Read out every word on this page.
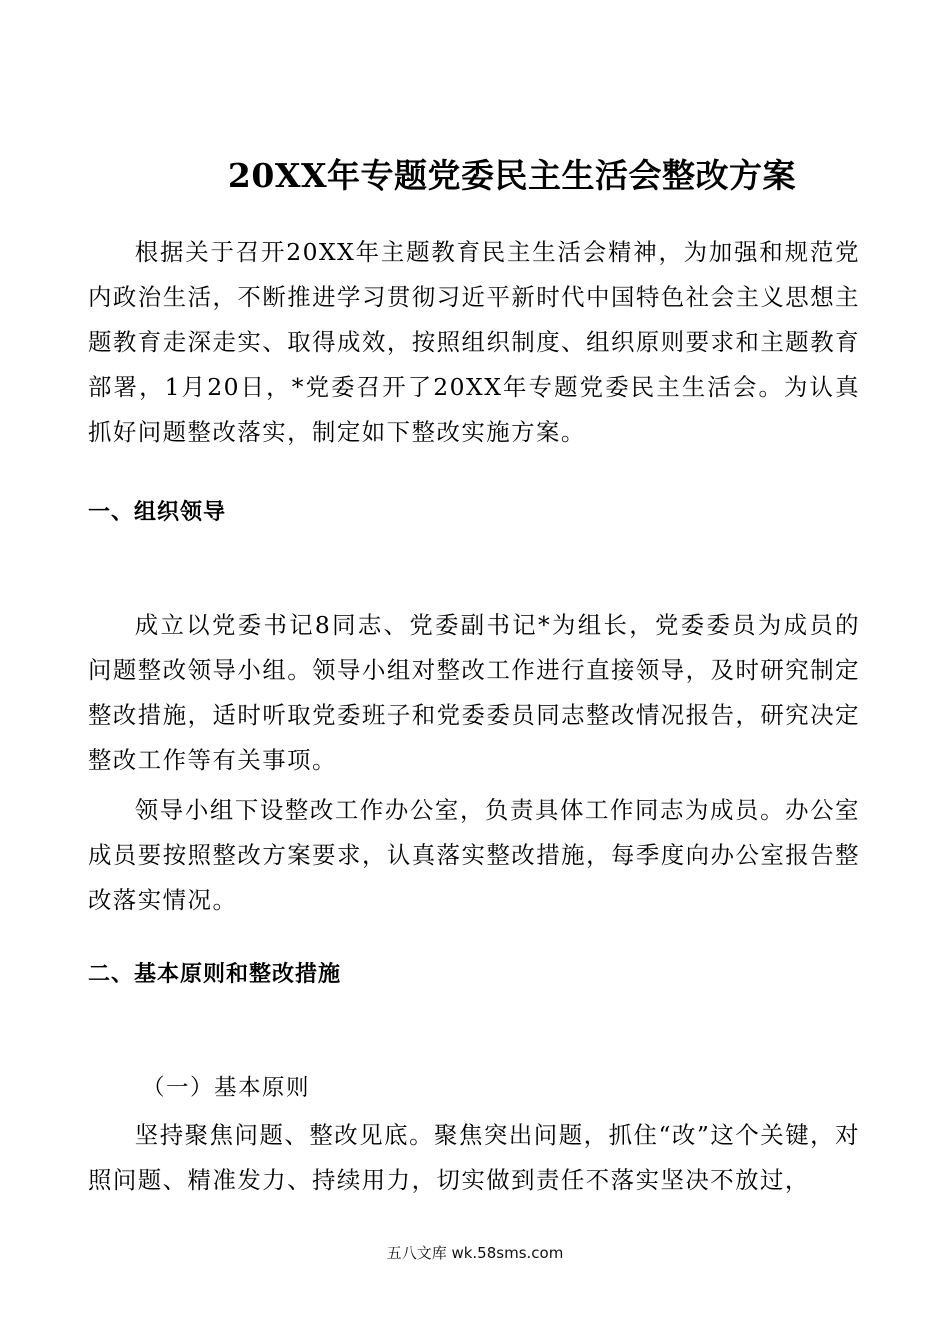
20XX年专题党委民主生活会整改方案

根据关于召开20XX年主题教育民主生活会精神，为加强和规范党内政治生活，不断推进学习贯彻习近平新时代中国特色社会主义思想主题教育走深走实、取得成效，按照组织制度、组织原则要求和主题教育部署，1月20日，*党委召开了20XX年专题党委民主生活会。为认真抓好问题整改落实，制定如下整改实施方案。

一、组织领导

成立以党委书记8同志、党委副书记*为组长，党委委员为成员的问题整改领导小组。领导小组对整改工作进行直接领导，及时研究制定整改措施，适时听取党委班子和党委委员同志整改情况报告，研究决定整改工作等有关事项。

领导小组下设整改工作办公室，负责具体工作同志为成员。办公室成员要按照整改方案要求，认真落实整改措施，每季度向办公室报告整改落实情况。

二、基本原则和整改措施
（一）基本原则

坚持聚焦问题、整改见底。聚焦突出问题，抓住“改”这个关键，对照问题、精准发力、持续用力，切实做到责任不落实坚决不放过，

五八文库 wk.58sms.com
